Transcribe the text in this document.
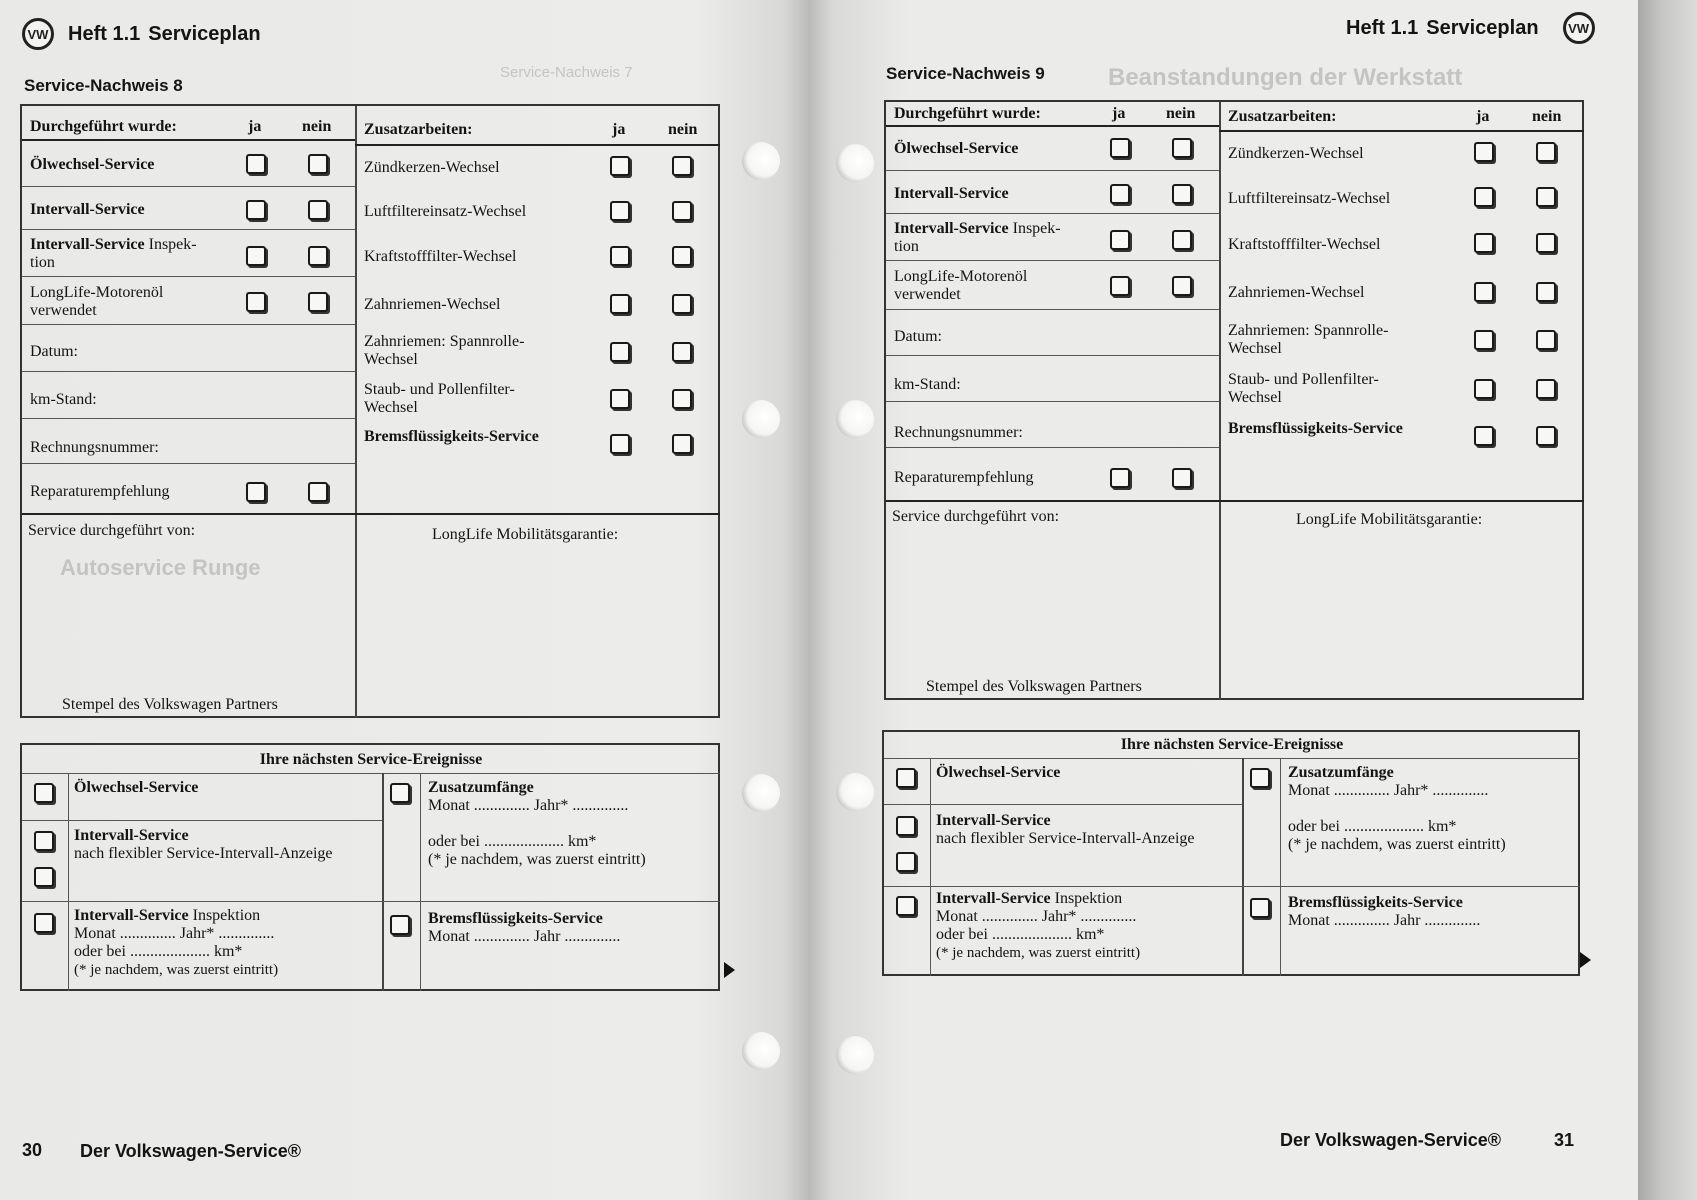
Service-Nachweis 7
Autoservice Runge
VW Heft 1.1 Serviceplan
Service-Nachweis 8
Durchgeführt wurde:	ja	nein Zusatzarbeiten:	ja	nein
Ölwechsel-Service
Intervall-Service
Intervall-Service Inspek-
tion
LongLife-Motorenöl
verwendet
Datum:
km-Stand:
Rechnungsnummer:
Reparaturempfehlung
Zündkerzen-Wechsel
Luftfiltereinsatz-Wechsel
Kraftstofffilter-Wechsel
Zahnriemen-Wechsel
Zahnriemen: Spannrolle-
Wechsel
Staub- und Pollenfilter-
Wechsel
Bremsflüssigkeits-Service
Service durchgeführt von:	LongLife Mobilitätsgarantie:
Stempel des Volkswagen Partners
Ihre nächsten Service-Ereignisse
Ölwechsel-Service
Intervall-Service
nach flexibler Service-Intervall-Anzeige
Intervall-Service Inspektion
Monat .............. Jahr* ..............
oder bei .................... km*
(* je nachdem, was zuerst eintritt)
Zusatzumfänge
Monat .............. Jahr* ..............

oder bei .................... km*
(* je nachdem, was zuerst eintritt)
Bremsflüssigkeits-Service
Monat .............. Jahr ..............
30 Der Volkswagen-Service®
Beanstandungen der Werkstatt
Heft 1.1 Serviceplan	VW
Service-Nachweis 9
Durchgeführt wurde:	ja	nein Zusatzarbeiten:	ja	nein
Ölwechsel-Service
Intervall-Service
Intervall-Service Inspek-
tion
LongLife-Motorenöl
verwendet
Datum:
km-Stand:
Rechnungsnummer:
Reparaturempfehlung
Zündkerzen-Wechsel
Luftfiltereinsatz-Wechsel
Kraftstofffilter-Wechsel
Zahnriemen-Wechsel
Zahnriemen: Spannrolle-
Wechsel
Staub- und Pollenfilter-
Wechsel
Bremsflüssigkeits-Service
Service durchgeführt von:	LongLife Mobilitätsgarantie:
Stempel des Volkswagen Partners
Ihre nächsten Service-Ereignisse
Ölwechsel-Service
Intervall-Service
nach flexibler Service-Intervall-Anzeige
Intervall-Service Inspektion
Monat .............. Jahr* ..............
oder bei .................... km*
(* je nachdem, was zuerst eintritt)
Zusatzumfänge
Monat .............. Jahr* ..............

oder bei .................... km*
(* je nachdem, was zuerst eintritt)
Bremsflüssigkeits-Service
Monat .............. Jahr ..............
Der Volkswagen-Service®	31
